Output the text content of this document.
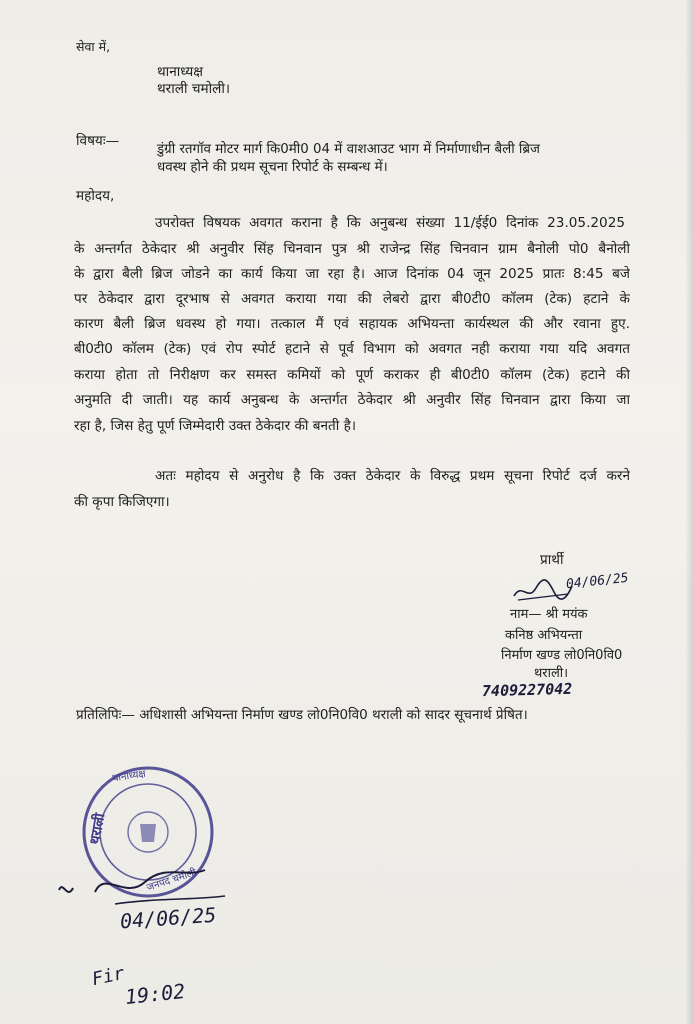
सेवा में,
थानाध्यक्ष
थराली चमोली।
विषयः—
डुंग्री रतगॉव मोटर मार्ग कि0मी0 04 में वाशआउट भाग में निर्माणाधीन बैली ब्रिज
धवस्थ होने की प्रथम सूचना रिपोर्ट के सम्बन्ध में।
महोदय,
उपरोक्त विषयक अवगत कराना है कि अनुबन्ध संख्या 11/ईई0 दिनांक 23.05.2025
के अन्तर्गत ठेकेदार श्री अनुवीर सिंह चिनवान पुत्र श्री राजेन्द्र सिंह चिनवान ग्राम बैनोली पो0 बैनोली
के द्वारा बैली ब्रिज जोडने का कार्य किया जा रहा है। आज दिनांक 04 जून 2025 प्रातः 8:45 बजे
पर ठेकेदार द्वारा दूरभाष से अवगत कराया गया की लेबरो द्वारा बी0टी0 कॉलम (टेक) हटाने के
कारण बैली ब्रिज धवस्थ हो गया। तत्काल मैं एवं सहायक अभियन्ता कार्यस्थल की और रवाना हुए.
बी0टी0 कॉलम (टेक) एवं रोप स्पोर्ट हटाने से पूर्व विभाग को अवगत नही कराया गया यदि अवगत
कराया होता तो निरीक्षण कर समस्त कमियों को पूर्ण कराकर ही बी0टी0 कॉलम (टेक) हटाने की
अनुमति दी जाती। यह कार्य अनुबन्ध के अन्तर्गत ठेकेदार श्री अनुवीर सिंह चिनवान द्वारा किया जा
रहा है, जिस हेतु पूर्ण जिम्मेदारी उक्त ठेकेदार की बनती है।
अतः महोदय से अनुरोध है कि उक्त ठेकेदार के विरुद्ध प्रथम सूचना रिपोर्ट दर्ज करने
की कृपा किजिएगा।
प्रार्थी
04/06/25
नाम— श्री मयंक
कनिष्ठ अभियन्ता
निर्माण खण्ड लो0नि0वि0
थराली।
7409227042
प्रतिलिपिः— अधिशासी अभियन्ता निर्माण खण्ड लो0नि0वि0 थराली को सादर सूचनार्थ प्रेषित।
थानाध्यक्ष
थराली
जनपद चमोली
04/06/25
Fir
19:02
